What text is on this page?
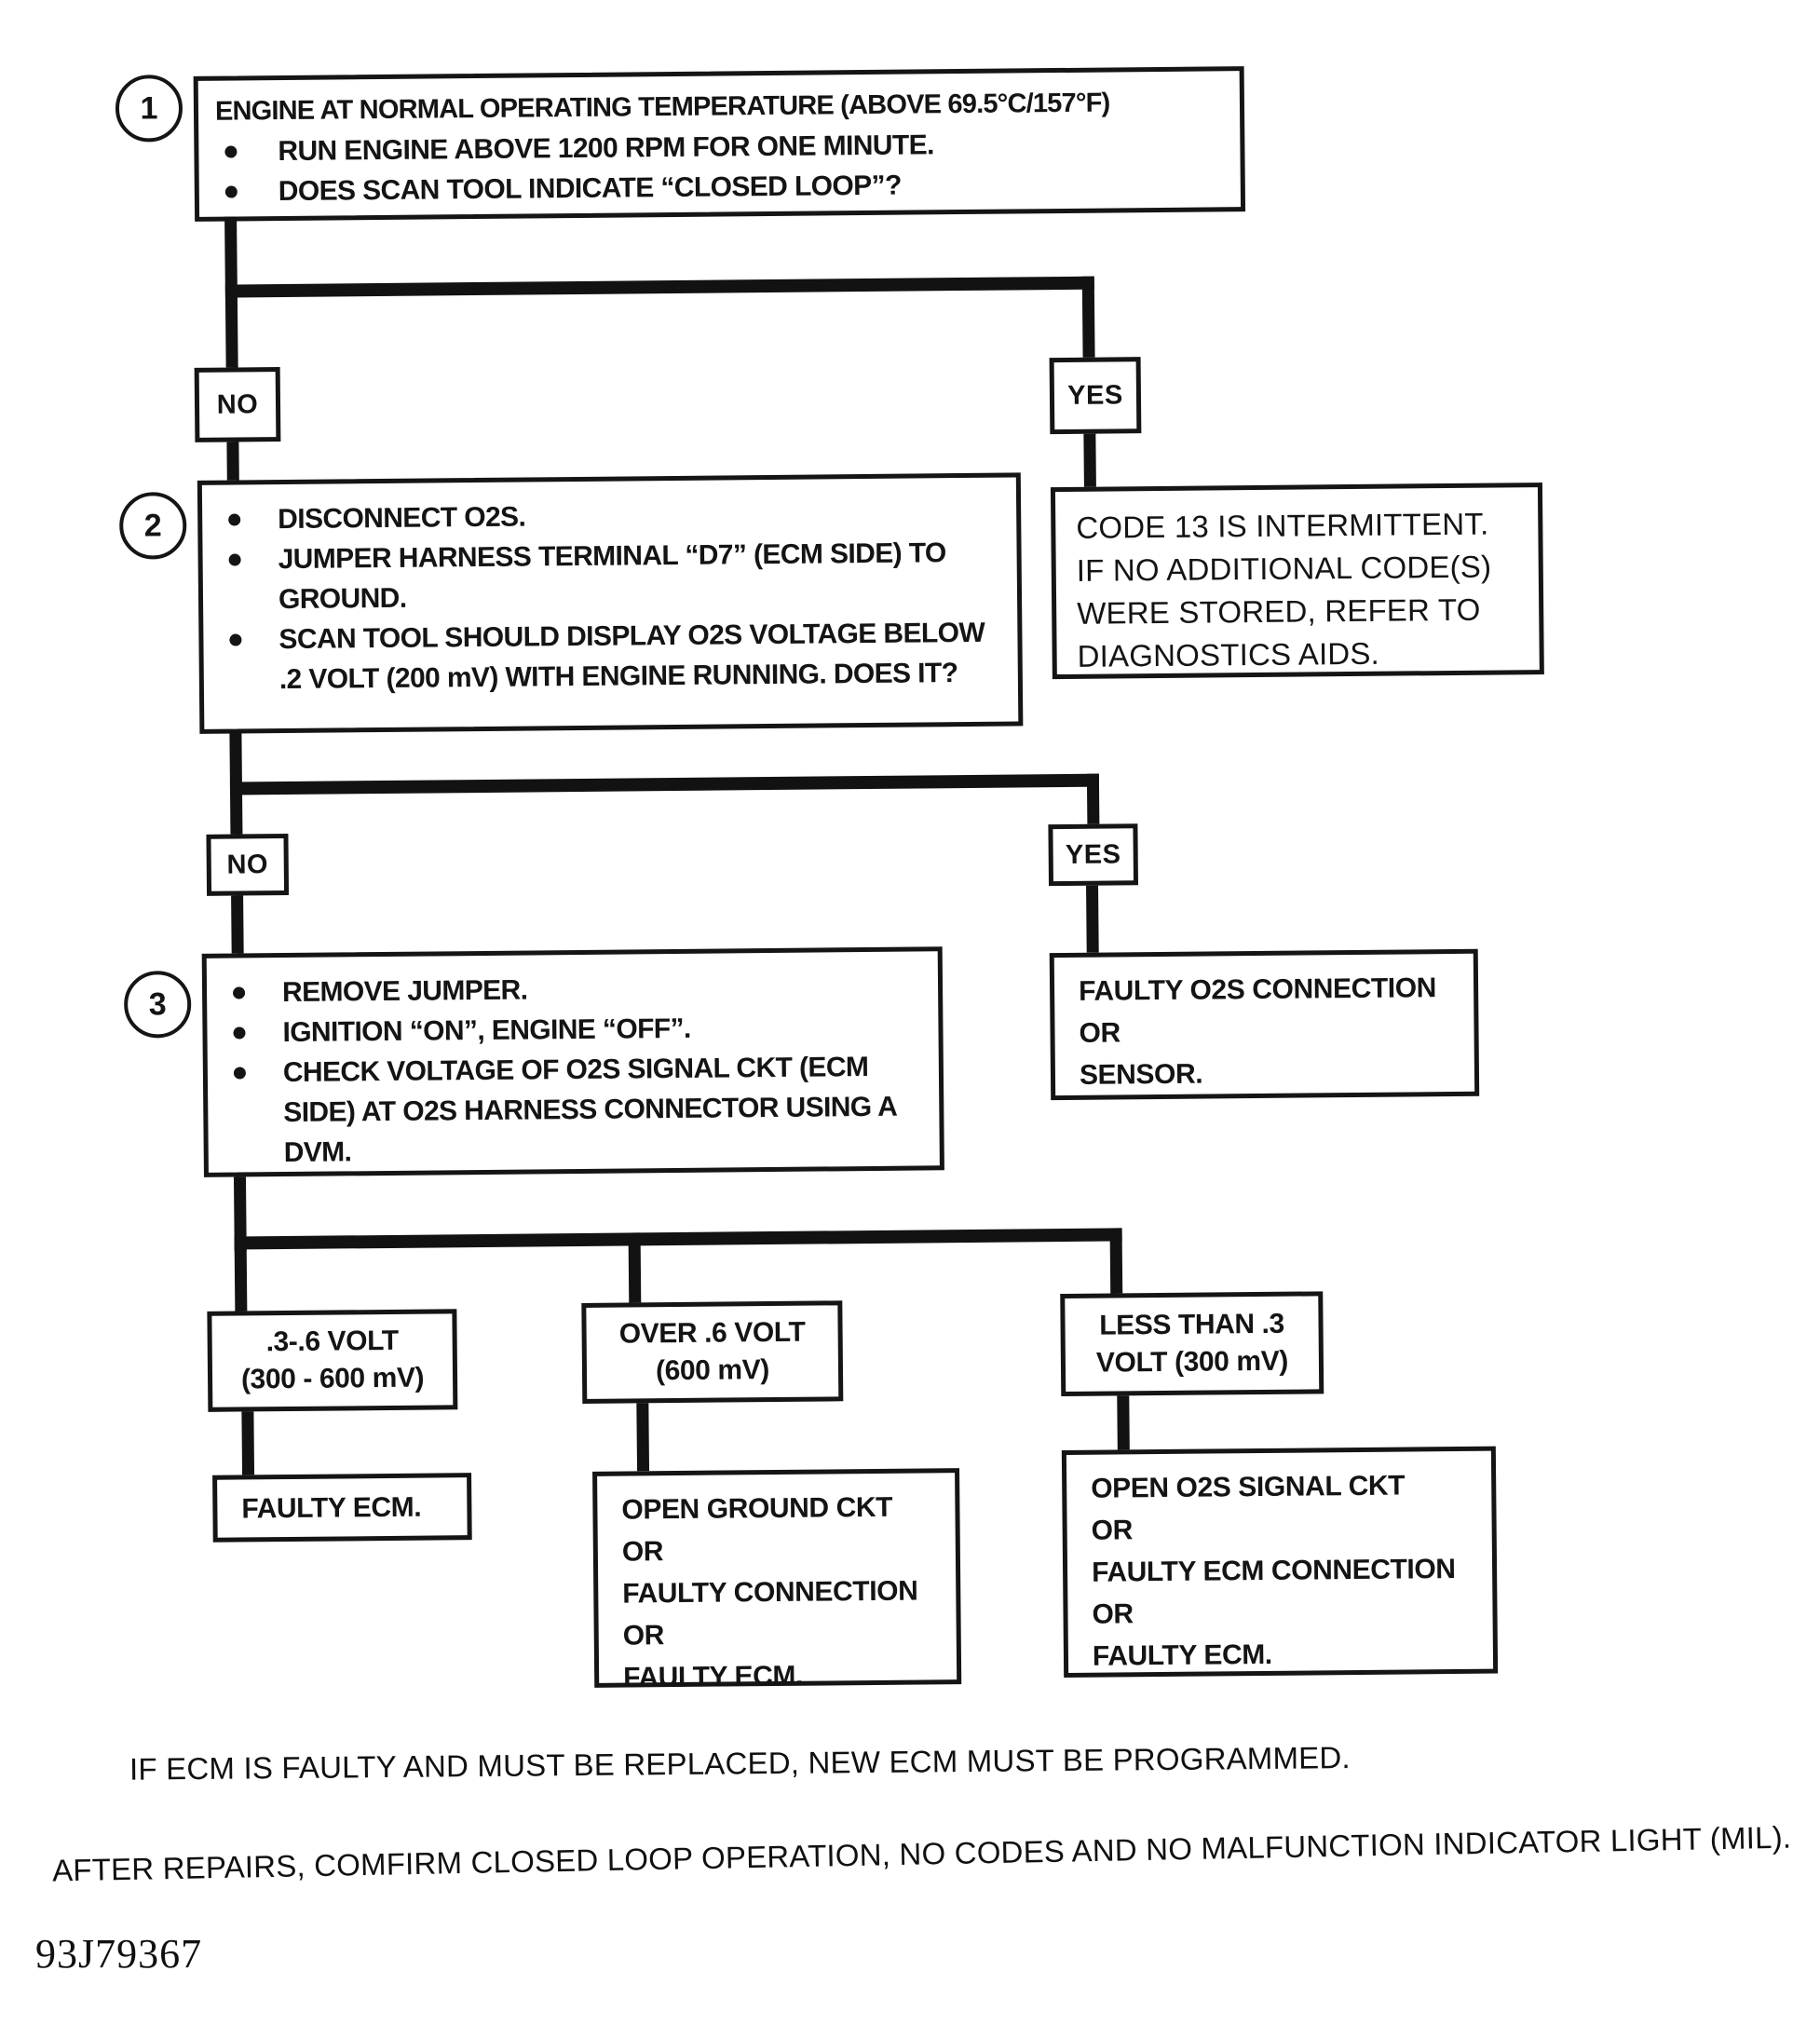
1 ENGINE AT NORMAL OPERATING TEMPERATURE (ABOVE 69.5°C/157°F)
RUN ENGINE ABOVE 1200 RPM FOR ONE MINUTE.
DOES SCAN TOOL INDICATE “CLOSED LOOP”?
NO	YES
2	DISCONNECT O2S.
JUMPER HARNESS TERMINAL “D7” (ECM SIDE) TO GROUND.
SCAN TOOL SHOULD DISPLAY O2S VOLTAGE BELOW .2 VOLT (200 mV) WITH ENGINE RUNNING. DOES IT?
CODE 13 IS INTERMITTENT. IF NO ADDITIONAL CODE(S) WERE STORED, REFER TO DIAGNOSTICS AIDS.
NO	YES
3	REMOVE JUMPER.
IGNITION “ON”, ENGINE “OFF”.
CHECK VOLTAGE OF O2S SIGNAL CKT (ECM SIDE) AT O2S HARNESS CONNECTOR USING A DVM.
FAULTY O2S CONNECTION
OR
SENSOR.
.3-.6 VOLT
(300 - 600 mV)
OVER .6 VOLT
(600 mV)
LESS THAN .3
VOLT (300 mV)
FAULTY ECM.	OPEN GROUND CKT
OR
FAULTY CONNECTION
OR
FAULTY ECM.
OPEN O2S SIGNAL CKT
OR
FAULTY ECM CONNECTION
OR
FAULTY ECM.
IF ECM IS FAULTY AND MUST BE REPLACED, NEW ECM MUST BE PROGRAMMED.
AFTER REPAIRS, COMFIRM CLOSED LOOP OPERATION, NO CODES AND NO MALFUNCTION INDICATOR LIGHT (MIL).
93J79367
